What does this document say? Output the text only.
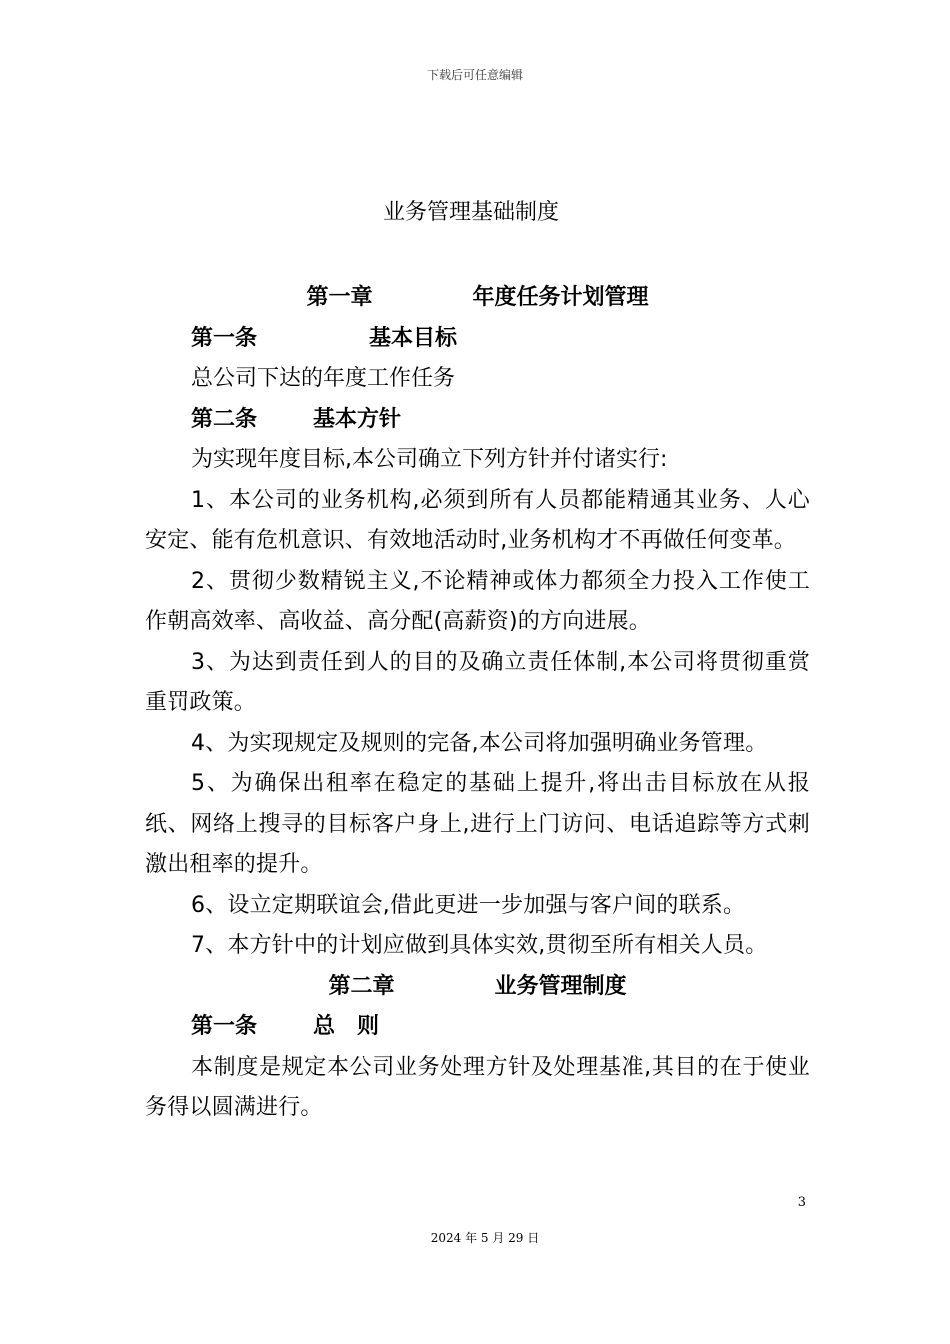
下载后可任意编辑
业务管理基础制度
第一章	年度任务计划管理
第一条	基本目标
总公司下达的年度工作任务
第二条	基本方针
为实现年度目标,本公司确立下列方针并付诸实行:
1、本公司的业务机构,必须到所有人员都能精通其业务、人心安定、能有危机意识、有效地活动时,业务机构才不再做任何变革。
2、贯彻少数精锐主义,不论精神或体力都须全力投入工作使工作朝高效率、高收益、高分配(高薪资)的方向进展。
3、为达到责任到人的目的及确立责任体制,本公司将贯彻重赏重罚政策。
4、为实现规定及规则的完备,本公司将加强明确业务管理。
5、为确保出租率在稳定的基础上提升,将出击目标放在从报纸、网络上搜寻的目标客户身上,进行上门访问、电话追踪等方式刺激出租率的提升。
6、设立定期联谊会,借此更进一步加强与客户间的联系。
7、本方针中的计划应做到具体实效,贯彻至所有相关人员。
第二章	业务管理制度
第一条	总　则
本制度是规定本公司业务处理方针及处理基准,其目的在于使业务得以圆满进行。
3
2024 年 5 月 29 日
